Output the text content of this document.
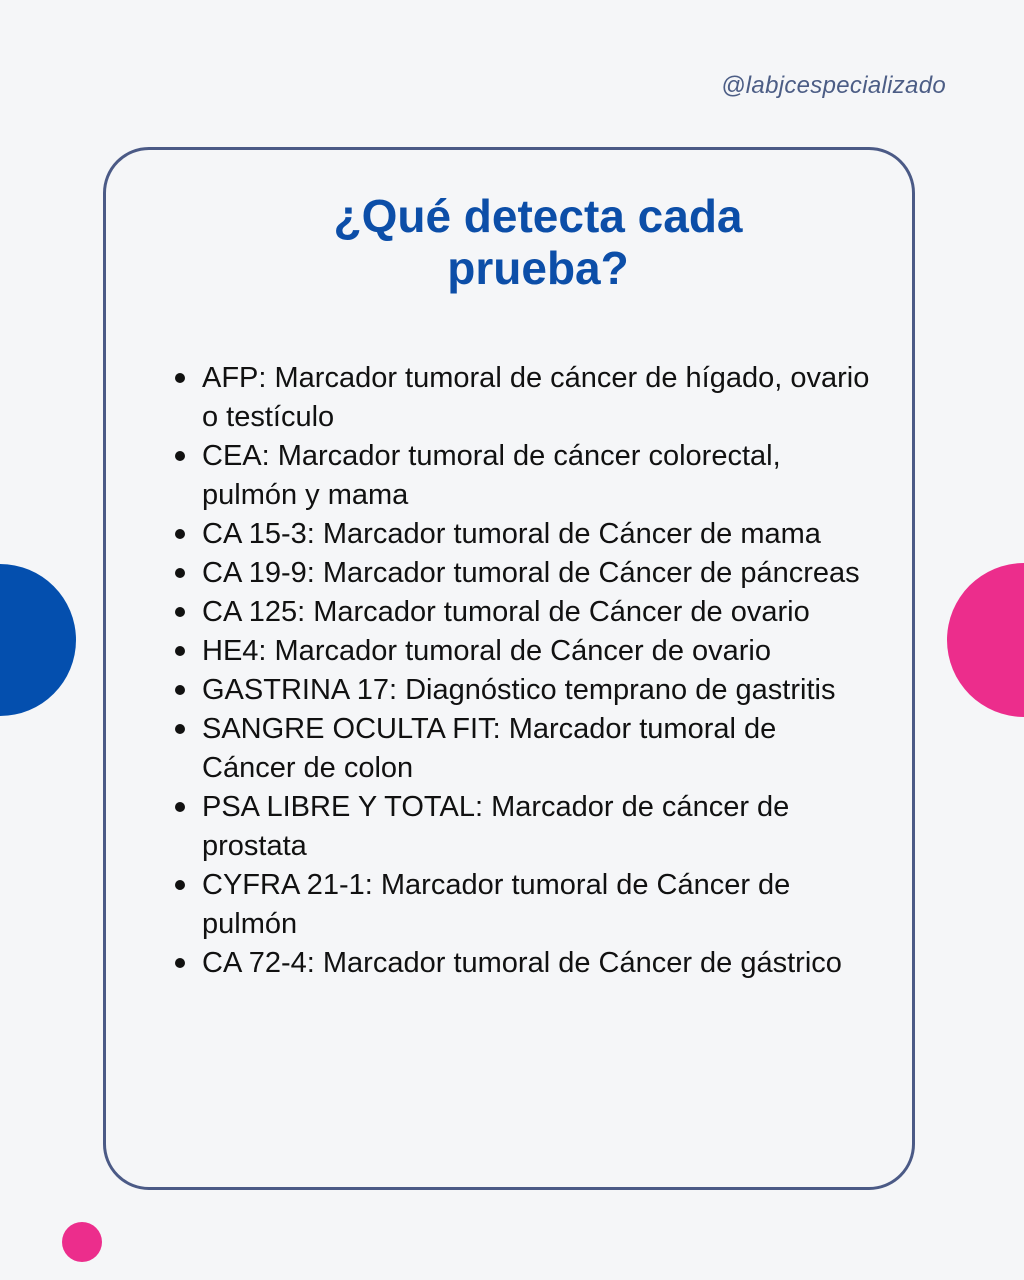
@labjcespecializado
¿Qué detecta cada
prueba?
AFP: Marcador tumoral de cáncer de hígado, ovario o testículo
CEA: Marcador tumoral de cáncer colorectal, pulmón y mama
CA 15-3: Marcador tumoral de Cáncer de mama
CA 19-9: Marcador tumoral de Cáncer de páncreas
CA 125: Marcador tumoral de Cáncer de ovario
HE4: Marcador tumoral de Cáncer de ovario
GASTRINA 17: Diagnóstico temprano de gastritis
SANGRE OCULTA FIT: Marcador tumoral de Cáncer de colon
PSA LIBRE Y TOTAL: Marcador de cáncer de prostata
CYFRA 21-1: Marcador tumoral de Cáncer de pulmón
CA 72-4: Marcador tumoral de Cáncer de gástrico
